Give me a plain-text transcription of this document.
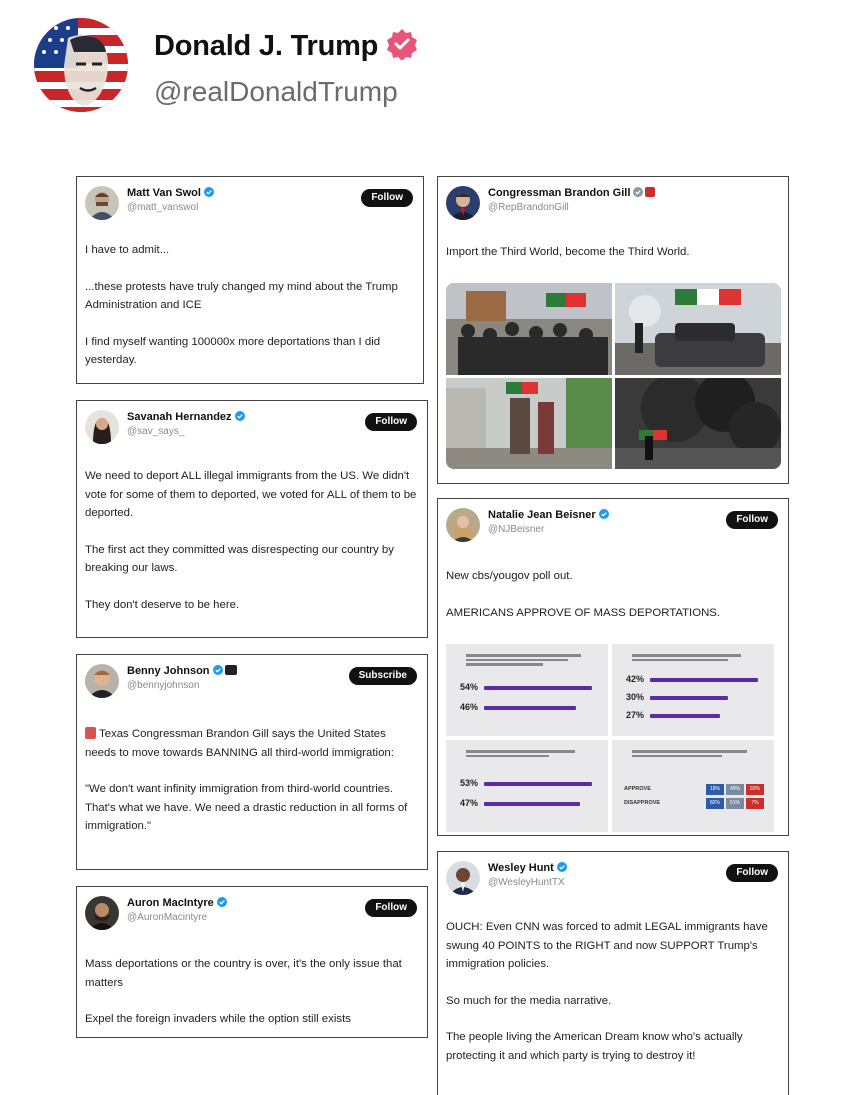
Donald J. Trump
@realDonaldTrump
Matt Van Swol
@matt_vanswol
Follow

I have to admit...

...these protests have truly changed my mind about the Trump Administration and ICE

I find myself wanting 100000x more deportations than I did yesterday.

Savanah Hernandez
@sav_says_
Follow

We need to deport ALL illegal immigrants from the US. We didn't vote for some of them to deported, we voted for ALL of them to be deported.

The first act they committed was disrespecting our country by breaking our laws.

They don't deserve to be here.

Benny Johnson
@bennyjohnson
Subscribe

Texas Congressman Brandon Gill says the United States needs to move towards BANNING all third-world immigration:

"We don't want infinity immigration from third-world countries. That's what we have. We need a drastic reduction in all forms of immigration."

Auron MacIntyre
@AuronMacintyre
Follow

Mass deportations or the country is over, it's the only issue that matters

Expel the foreign invaders while the option still exists

Congressman Brandon Gill
@RepBrandonGill

Import the Third World, become the Third World.

Natalie Jean Beisner
@NJBeisner
Follow

New cbs/yougov poll out.

AMERICANS APPROVE OF MASS DEPORTATIONS.

54%
46%
42%
30%
27%
53%
47%
APPROVE
DISAPPROVE
18%	49%	93%
82%	51%	7%
Wesley Hunt
@WesleyHuntTX
Follow

OUCH: Even CNN was forced to admit LEGAL immigrants have swung 40 POINTS to the RIGHT and now SUPPORT Trump's immigration policies.

So much for the media narrative.

The people living the American Dream know who's actually protecting it and which party is trying to destroy it!
